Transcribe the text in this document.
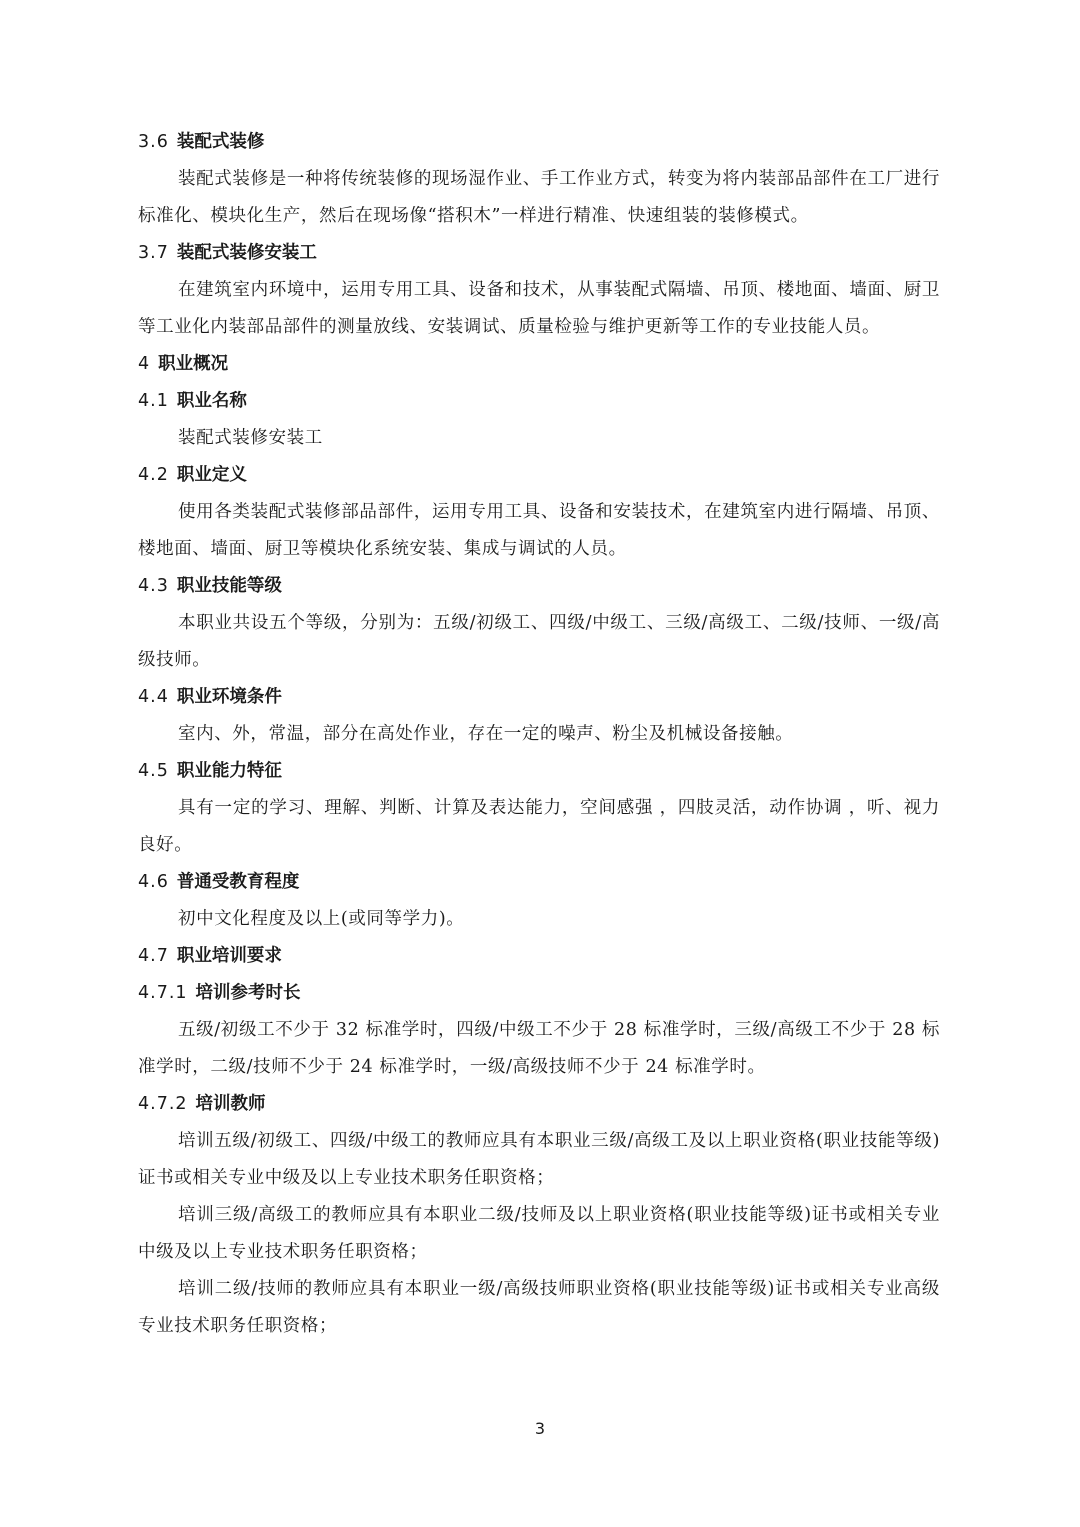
3.6 装配式装修

装配式装修是一种将传统装修的现场湿作业、手工作业方式，转变为将内装部品部件在工厂进行标准化、模块化生产，然后在现场像“搭积木”一样进行精准、快速组装的装修模式。

3.7 装配式装修安装工

在建筑室内环境中，运用专用工具、设备和技术，从事装配式隔墙、吊顶、楼地面、墙面、厨卫等工业化内装部品部件的测量放线、安装调试、质量检验与维护更新等工作的专业技能人员。

4 职业概况
4.1 职业名称

装配式装修安装工

4.2 职业定义

使用各类装配式装修部品部件，运用专用工具、设备和安装技术，在建筑室内进行隔墙、吊顶、楼地面、墙面、厨卫等模块化系统安装、集成与调试的人员。

4.3 职业技能等级

本职业共设五个等级，分别为：五级/初级工、四级/中级工、三级/高级工、二级/技师、一级/高级技师。

4.4 职业环境条件

室内、外，常温，部分在高处作业，存在一定的噪声、粉尘及机械设备接触。

4.5 职业能力特征

具有一定的学习、理解、判断、计算及表达能力，空间感强 ，四肢灵活，动作协调 ，听、视力良好。

4.6 普通受教育程度

初中文化程度及以上(或同等学力)。

4.7 职业培训要求
4.7.1 培训参考时长

五级/初级工不少于 32 标准学时，四级/中级工不少于 28 标准学时，三级/高级工不少于 28 标准学时，二级/技师不少于 24 标准学时，一级/高级技师不少于 24 标准学时。

4.7.2 培训教师

培训五级/初级工、四级/中级工的教师应具有本职业三级/高级工及以上职业资格(职业技能等级)证书或相关专业中级及以上专业技术职务任职资格；

培训三级/高级工的教师应具有本职业二级/技师及以上职业资格(职业技能等级)证书或相关专业中级及以上专业技术职务任职资格；

培训二级/技师的教师应具有本职业一级/高级技师职业资格(职业技能等级)证书或相关专业高级专业技术职务任职资格；

3
